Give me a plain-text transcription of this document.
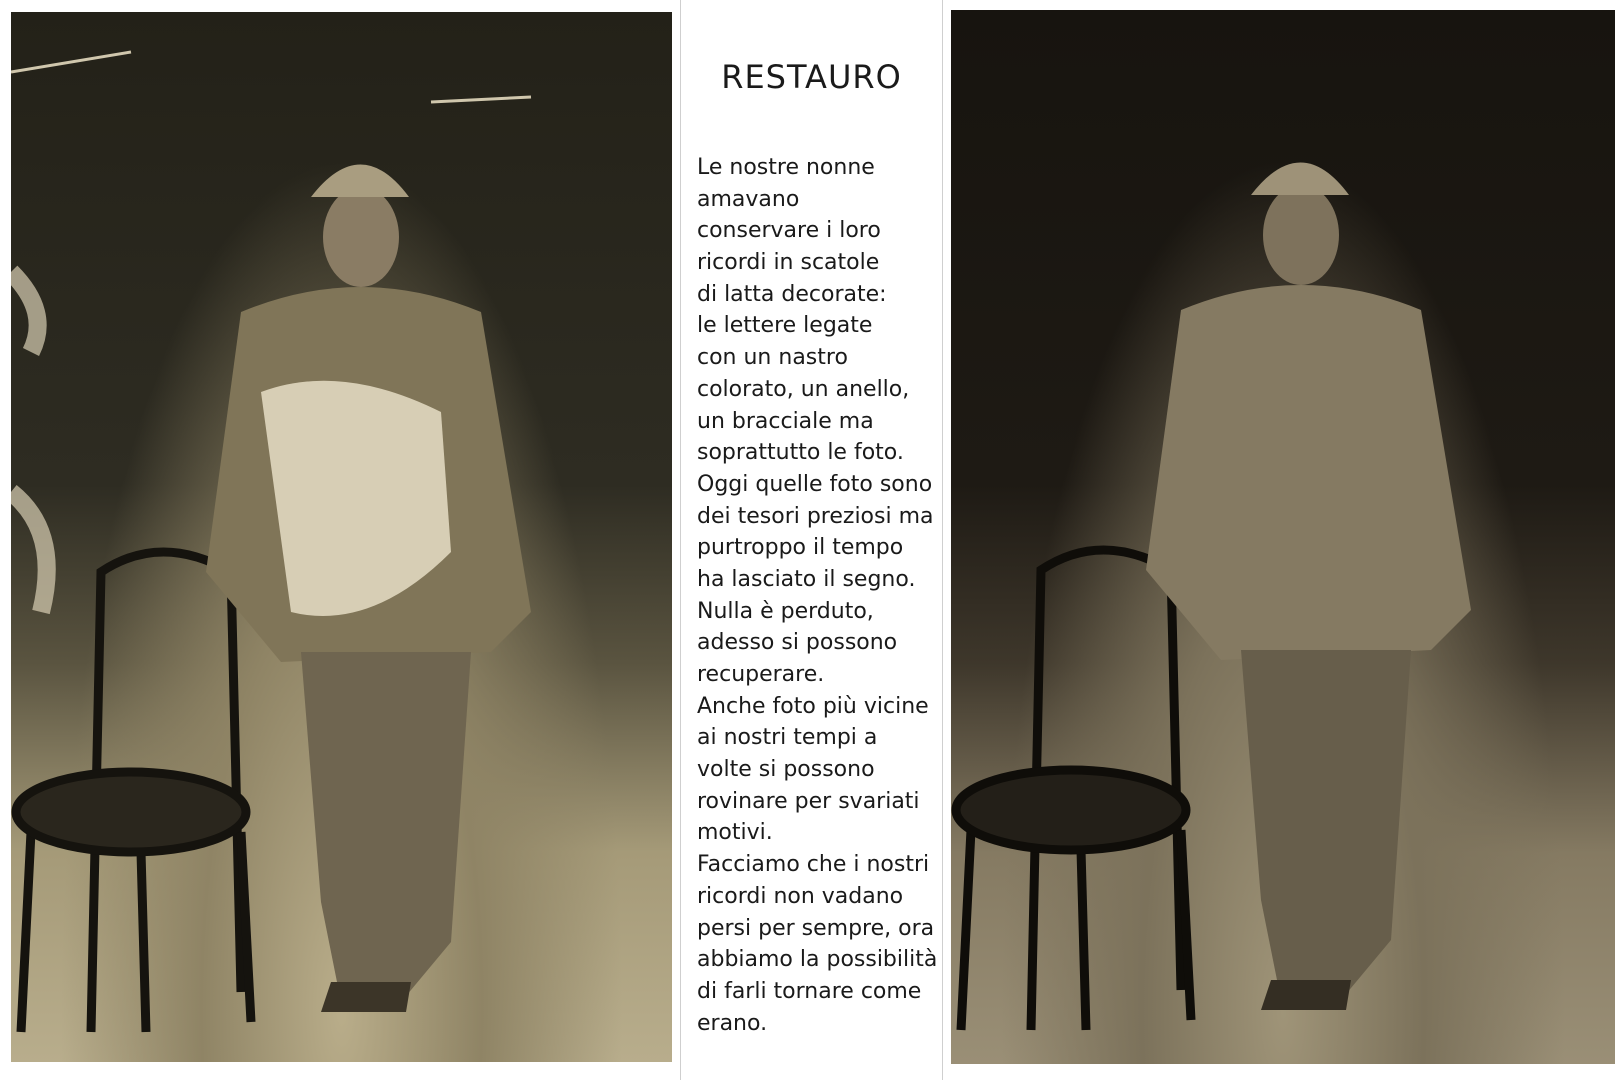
RESTAURO
Le nostre nonne
amavano
conservare i loro
ricordi in scatole
di latta decorate:
le lettere legate
con un nastro
colorato, un anello,
un bracciale ma
soprattutto le foto.
Oggi quelle foto sono
dei tesori preziosi ma
purtroppo il tempo
ha lasciato il segno.
Nulla è perduto,
adesso si possono
recuperare.
Anche foto più vicine
ai nostri tempi a
volte si possono
rovinare per svariati
motivi.
Facciamo che i nostri
ricordi non vadano
persi per sempre, ora
abbiamo la possibilità
di farli tornare come
erano.
